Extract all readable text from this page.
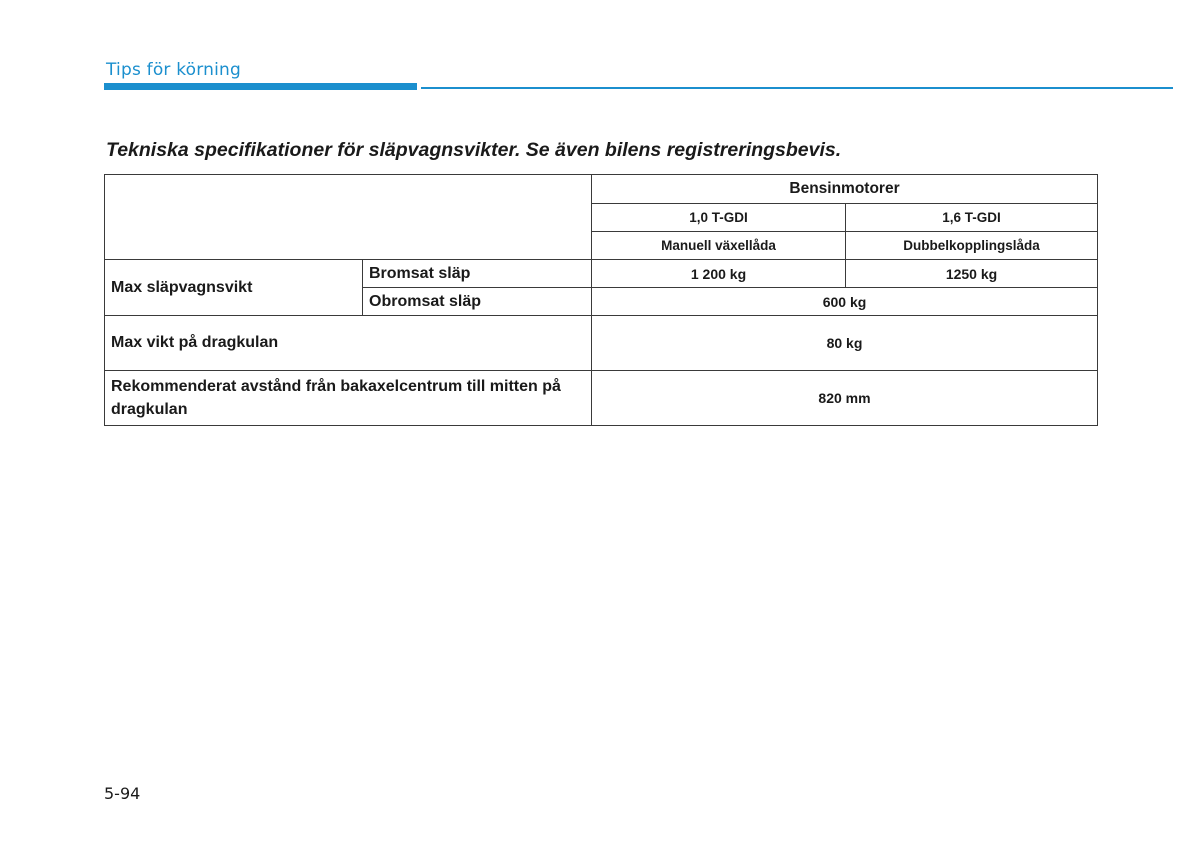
Tips för körning
Tekniska specifikationer för släpvagnsvikter. Se även bilens registreringsbevis.
		Bensinmotorer	
		1,0 T-GDI	1,6 T-GDI
		Manuell växellåda	Dubbelkopplingslåda
Max släpvagnsvikt	Bromsat släp	1 200 kg	1250 kg
	Obromsat släp	600 kg	
Max vikt på dragkulan		80 kg	
Rekommenderat avstånd från bakaxelcentrum till mitten på dragkulan		820 mm	
5-94
